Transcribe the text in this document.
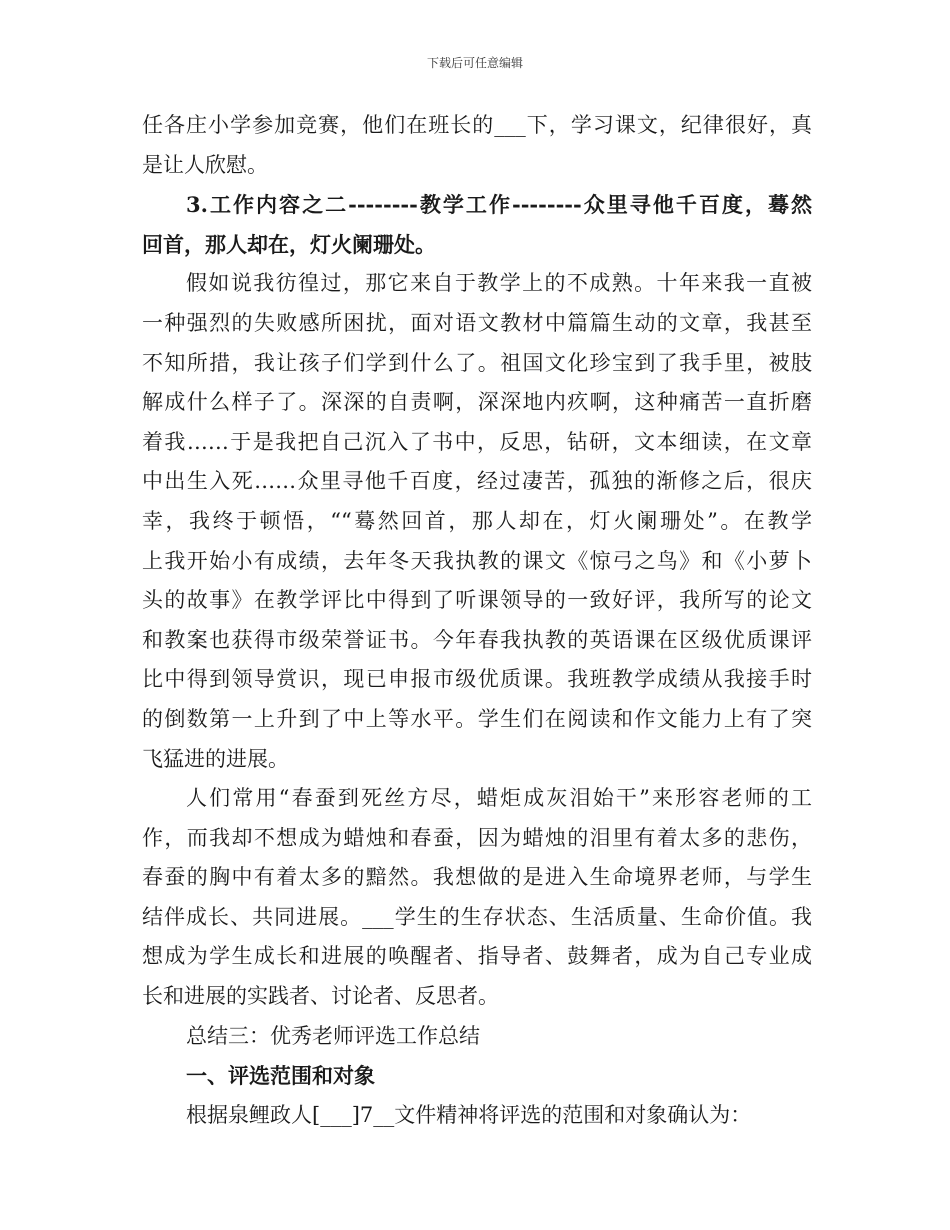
下载后可任意编辑
任各庄小学参加竞赛，他们在班长的___下，学习课文，纪律很好，真
是让人欣慰。
3.工作内容之二--------教学工作--------众里寻他千百度，蓦然
回首，那人却在，灯火阑珊处。
假如说我彷徨过，那它来自于教学上的不成熟。十年来我一直被
一种强烈的失败感所困扰，面对语文教材中篇篇生动的文章，我甚至
不知所措，我让孩子们学到什么了。祖国文化珍宝到了我手里，被肢
解成什么样子了。深深的自责啊，深深地内疚啊，这种痛苦一直折磨
着我……于是我把自己沉入了书中，反思，钻研，文本细读，在文章
中出生入死……众里寻他千百度，经过凄苦，孤独的渐修之后，很庆
幸，我终于顿悟，““蓦然回首，那人却在，灯火阑珊处”。在教学
上我开始小有成绩，去年冬天我执教的课文《惊弓之鸟》和《小萝卜
头的故事》在教学评比中得到了听课领导的一致好评，我所写的论文
和教案也获得市级荣誉证书。今年春我执教的英语课在区级优质课评
比中得到领导赏识，现已申报市级优质课。我班教学成绩从我接手时
的倒数第一上升到了中上等水平。学生们在阅读和作文能力上有了突
飞猛进的进展。
人们常用“春蚕到死丝方尽，蜡炬成灰泪始干”来形容老师的工
作，而我却不想成为蜡烛和春蚕，因为蜡烛的泪里有着太多的悲伤，
春蚕的胸中有着太多的黯然。我想做的是进入生命境界老师，与学生
结伴成长、共同进展。___学生的生存状态、生活质量、生命价值。我
想成为学生成长和进展的唤醒者、指导者、鼓舞者，成为自己专业成
长和进展的实践者、讨论者、反思者。
总结三：优秀老师评选工作总结
一、评选范围和对象
根据泉鲤政人[___]7__文件精神将评选的范围和对象确认为：
